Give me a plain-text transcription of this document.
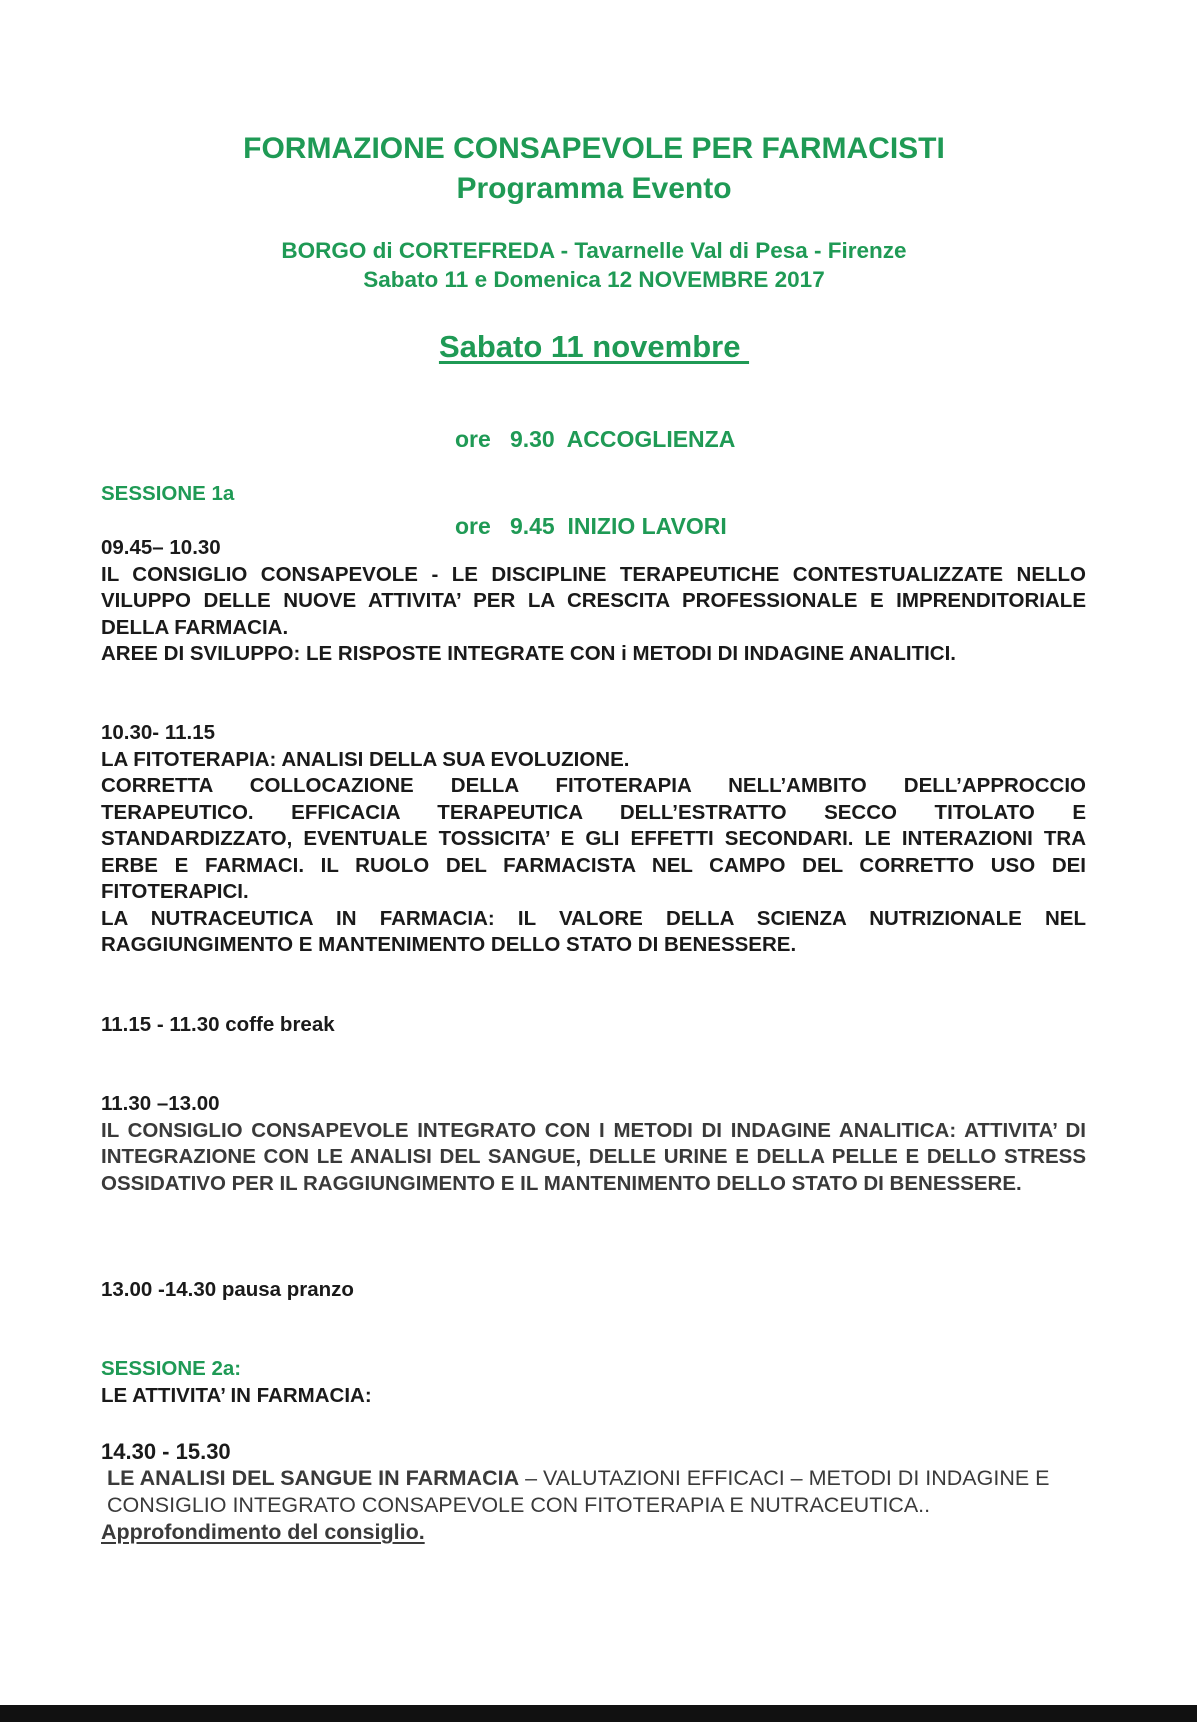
FORMAZIONE CONSAPEVOLE PER FARMACISTI
Programma Evento
BORGO di CORTEFREDA - Tavarnelle Val di Pesa - Firenze
Sabato 11 e Domenica 12 NOVEMBRE 2017
Sabato 11 novembre

ore   9.30  ACCOGLIENZA

ore   9.45  INIZIO LAVORI

SESSIONE 1a
09.45– 10.30
IL CONSIGLIO CONSAPEVOLE - LE DISCIPLINE TERAPEUTICHE CONTESTUALIZZATE NELLO VILUPPO DELLE NUOVE ATTIVITA’ PER LA CRESCITA PROFESSIONALE E IMPRENDITORIALE DELLA FARMACIA.
AREE DI SVILUPPO: LE RISPOSTE INTEGRATE CON i METODI DI INDAGINE ANALITICI.
10.30- 11.15
LA FITOTERAPIA: ANALISI DELLA SUA EVOLUZIONE.
CORRETTA COLLOCAZIONE DELLA FITOTERAPIA NELL’AMBITO DELL’APPROCCIO TERAPEUTICO. EFFICACIA TERAPEUTICA DELL’ESTRATTO SECCO TITOLATO E STANDARDIZZATO, EVENTUALE TOSSICITA’ E GLI EFFETTI SECONDARI. LE INTERAZIONI TRA ERBE E FARMACI. IL RUOLO DEL FARMACISTA NEL CAMPO DEL CORRETTO USO DEI FITOTERAPICI.
LA NUTRACEUTICA IN FARMACIA: IL VALORE DELLA SCIENZA NUTRIZIONALE NEL RAGGIUNGIMENTO E MANTENIMENTO DELLO STATO DI BENESSERE.
11.15 - 11.30 coffe break
11.30 –13.00
IL CONSIGLIO CONSAPEVOLE INTEGRATO CON I METODI DI INDAGINE ANALITICA: ATTIVITA’ DI INTEGRAZIONE CON LE ANALISI DEL SANGUE, DELLE URINE E DELLA PELLE E DELLO STRESS OSSIDATIVO PER IL RAGGIUNGIMENTO E IL MANTENIMENTO DELLO STATO DI BENESSERE.
13.00 -14.30 pausa pranzo
SESSIONE 2a:
LE ATTIVITA’ IN FARMACIA:
14.30 - 15.30
LE ANALISI DEL SANGUE IN FARMACIA – VALUTAZIONI EFFICACI – METODI DI INDAGINE E CONSIGLIO INTEGRATO CONSAPEVOLE CON FITOTERAPIA E NUTRACEUTICA..
Approfondimento del consiglio.
